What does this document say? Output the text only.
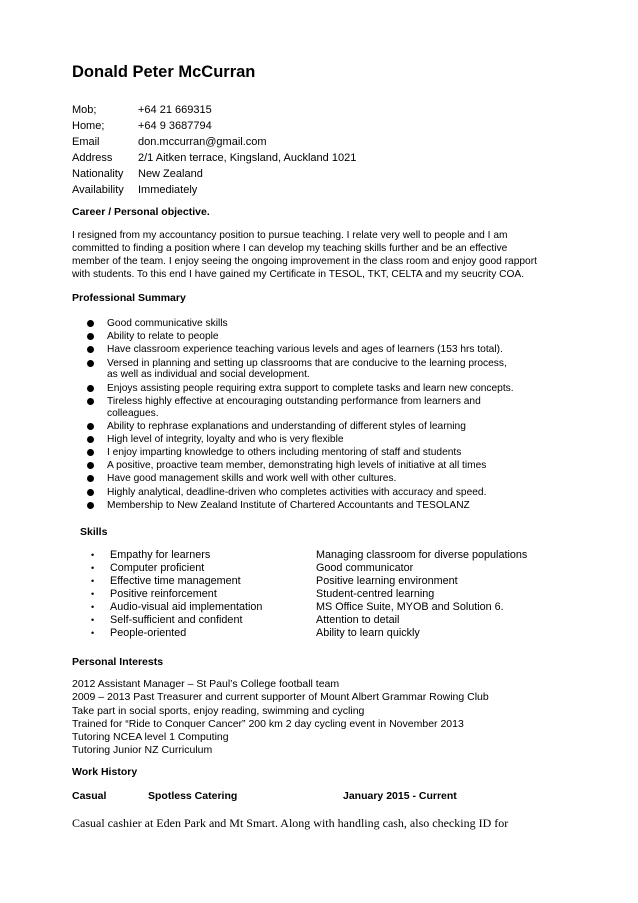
Donald Peter McCurran
Mob;	+64 21 669315
Home;	+64 9 3687794
Email	don.mccurran@gmail.com
Address 2/1 Aitken terrace, Kingsland, Auckland 1021
Nationality New Zealand
Availability Immediately
Career / Personal objective.
I resigned from my accountancy position to pursue teaching. I relate very well to people and I am
committed to finding a position where I can develop my teaching skills further and be an effective
member of the team. I enjoy seeing the ongoing improvement in the class room and enjoy good rapport
with students. To this end I have gained my Certificate in TESOL, TKT, CELTA and my seucrity COA.
Professional Summary
Good communicative skills
Ability to relate to people
Have classroom experience teaching various levels and ages of learners (153 hrs total).
Versed in planning and setting up classrooms that are conducive to the learning process,
as well as individual and social development.
Enjoys assisting people requiring extra support to complete tasks and learn new concepts.
Tireless highly effective at encouraging outstanding performance from learners and
colleagues.
Ability to rephrase explanations and understanding of different styles of learning
High level of integrity, loyalty and who is very flexible
I enjoy imparting knowledge to others including mentoring of staff and students
A positive, proactive team member, demonstrating high levels of initiative at all times
Have good management skills and work well with other cultures.
Highly analytical, deadline-driven who completes activities with accuracy and speed.
Membership to New Zealand Institute of Chartered Accountants and TESOLANZ
Skills
• Empathy for learners	Managing classroom for diverse populations
• Computer proficient	Good communicator
• Effective time management	Positive learning environment
• Positive reinforcement	Student-centred learning
• Audio-visual aid implementation	MS Office Suite, MYOB and Solution 6.
• Self-sufficient and confident	Attention to detail
• People-oriented	Ability to learn quickly
Personal Interests
2012 Assistant Manager – St Paul’s College football team
2009 – 2013 Past Treasurer and current supporter of Mount Albert Grammar Rowing Club
Take part in social sports, enjoy reading, swimming and cycling
Trained for “Ride to Conquer Cancer” 200 km 2 day cycling event in November 2013
Tutoring NCEA level 1 Computing
Tutoring Junior NZ Curriculum
Work History
Casual	Spotless Catering	January 2015 - Current
Casual cashier at Eden Park and Mt Smart. Along with handling cash, also checking ID for
